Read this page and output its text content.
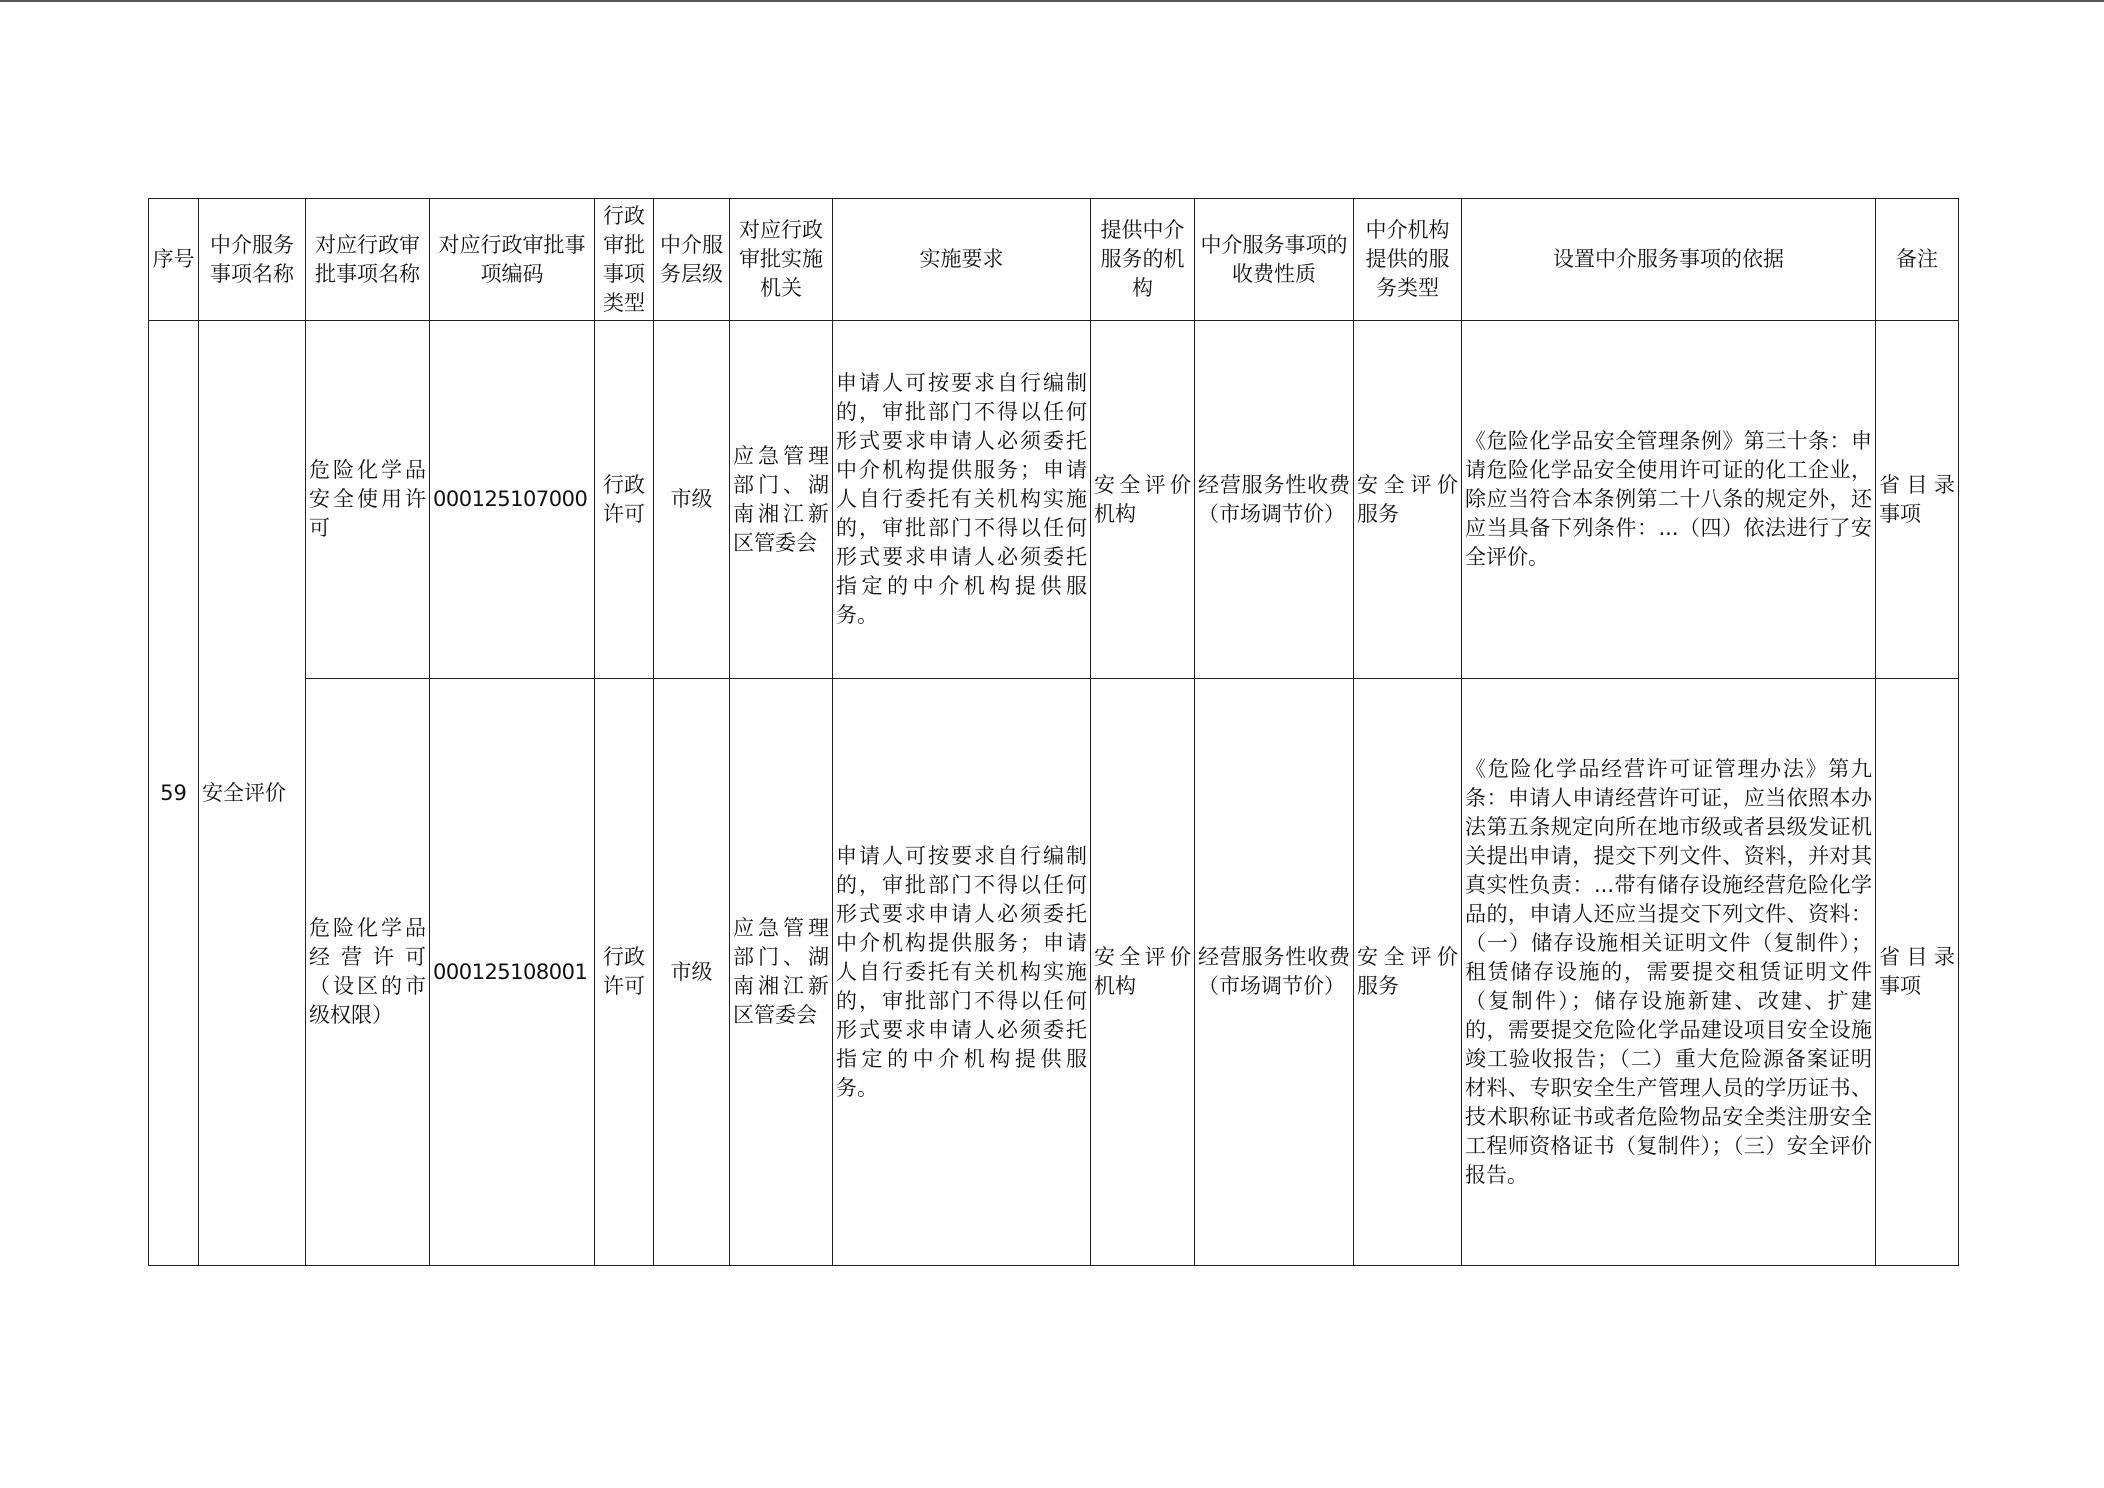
序号	中介服务事项名称	对应行政审批事项名称	对应行政审批事项编码	行政审批事项类型	中介服务层级	对应行政审批实施机关	实施要求	提供中介服务的机构	中介服务事项的收费性质	中介机构提供的服务类型	设置中介服务事项的依据	备注
59	安全评价	危险化学品安全使用许可	000125107000	行政许可	市级	应急管理部门、湖南湘江新区管委会	申请人可按要求自行编制的，审批部门不得以任何形式要求申请人必须委托中介机构提供服务；申请人自行委托有关机构实施的，审批部门不得以任何形式要求申请人必须委托指定的中介机构提供服务。	安全评价机构	经营服务性收费（市场调节价）	安全评价服务	《危险化学品安全管理条例》第三十条：申请危险化学品安全使用许可证的化工企业，除应当符合本条例第二十八条的规定外，还应当具备下列条件：...（四）依法进行了安全评价。	省目录事项
		危险化学品经营许可（设区的市级权限）	000125108001	行政许可	市级	应急管理部门、湖南湘江新区管委会	申请人可按要求自行编制的，审批部门不得以任何形式要求申请人必须委托中介机构提供服务；申请人自行委托有关机构实施的，审批部门不得以任何形式要求申请人必须委托指定的中介机构提供服务。	安全评价机构	经营服务性收费（市场调节价）	安全评价服务	《危险化学品经营许可证管理办法》第九条：申请人申请经营许可证，应当依照本办法第五条规定向所在地市级或者县级发证机关提出申请，提交下列文件、资料，并对其真实性负责：...带有储存设施经营危险化学品的，申请人还应当提交下列文件、资料：（一）储存设施相关证明文件（复制件）；租赁储存设施的，需要提交租赁证明文件（复制件）；储存设施新建、改建、扩建的，需要提交危险化学品建设项目安全设施竣工验收报告；（二）重大危险源备案证明材料、专职安全生产管理人员的学历证书、技术职称证书或者危险物品安全类注册安全工程师资格证书（复制件）；（三）安全评价报告。	省目录事项
